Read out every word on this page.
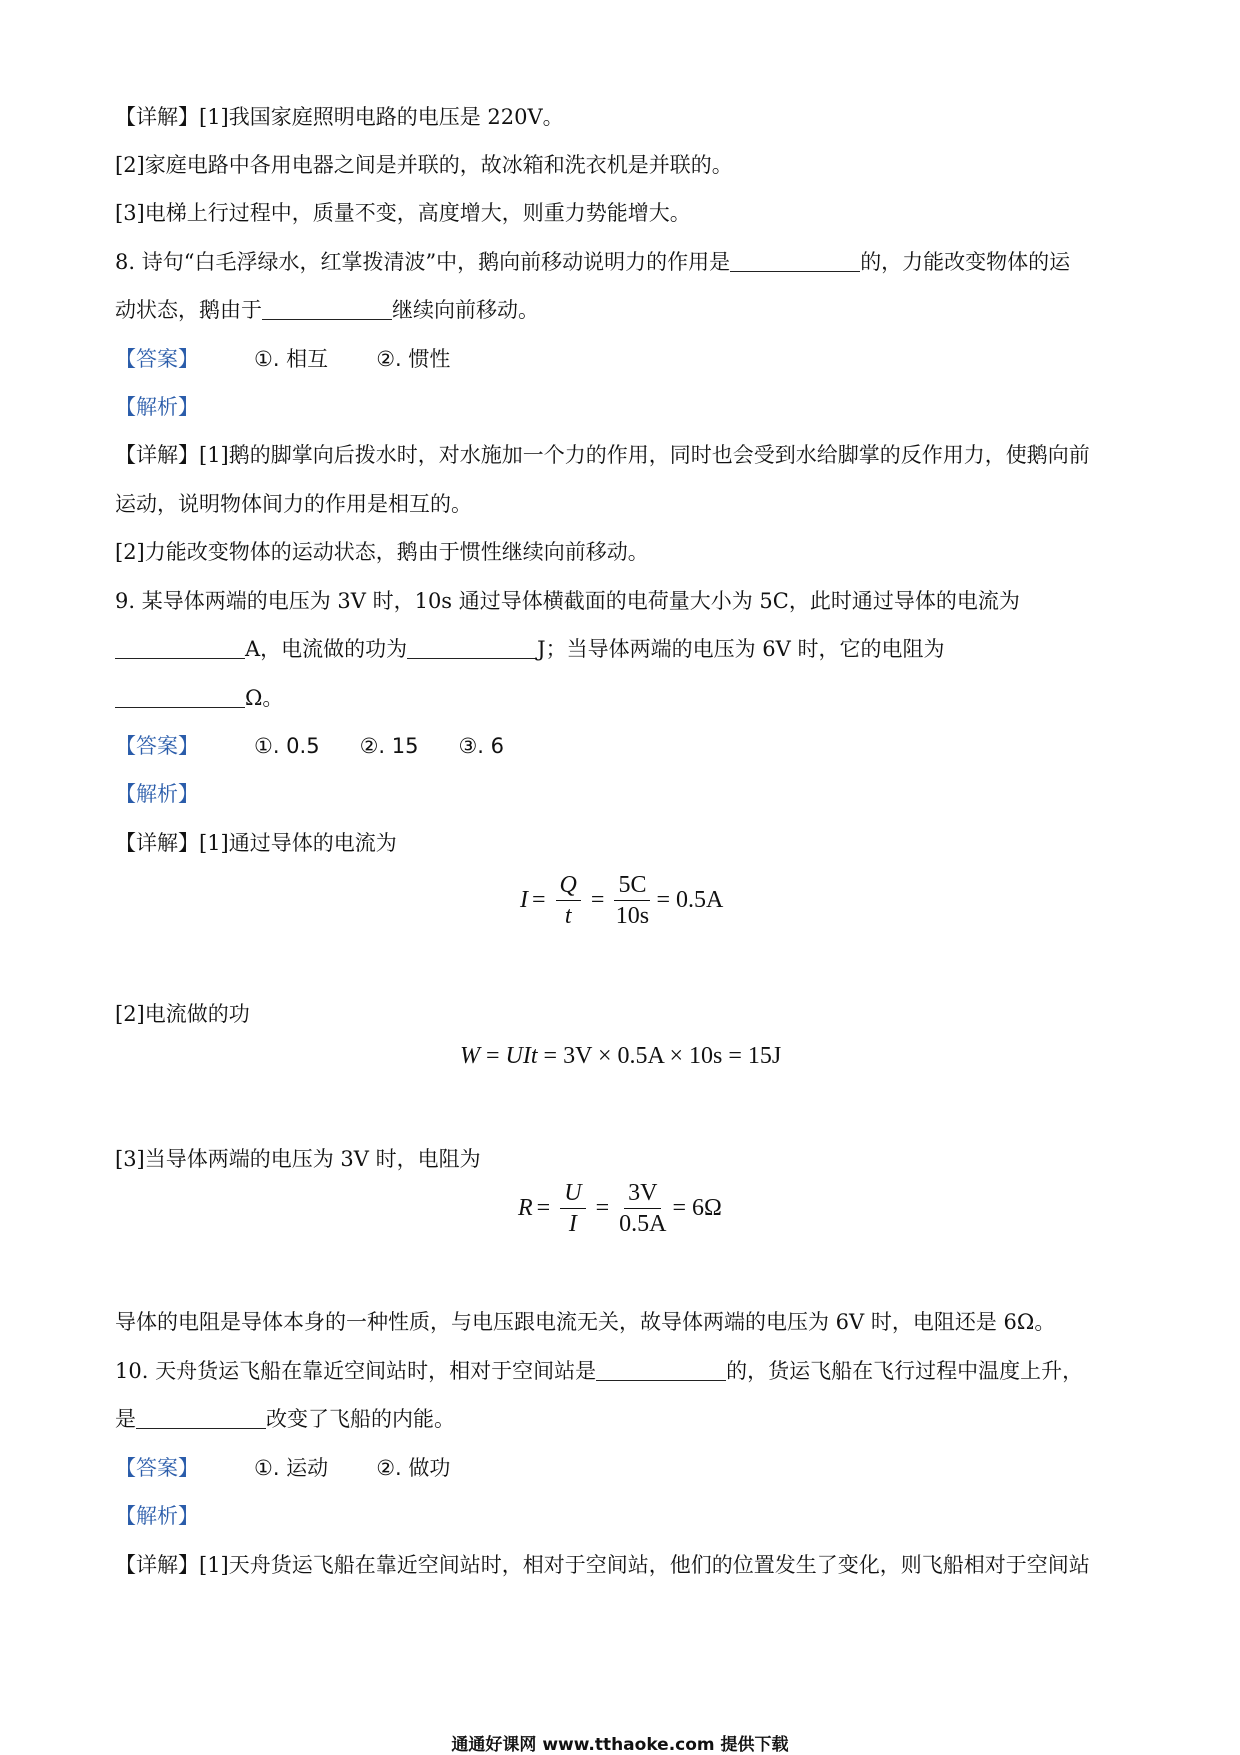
【详解】[1]我国家庭照明电路的电压是 220V。
[2]家庭电路中各用电器之间是并联的，故冰箱和洗衣机是并联的。
[3]电梯上行过程中，质量不变，高度增大，则重力势能增大。
8. 诗句“白毛浮绿水，红掌拨清波”中，鹅向前移动说明力的作用是	的，力能改变物体的运
动状态，鹅由于	继续向前移动。
【答案】	①. 相互 ②. 惯性
【解析】
【详解】[1]鹅的脚掌向后拨水时，对水施加一个力的作用，同时也会受到水给脚掌的反作用力，使鹅向前
运动，说明物体间力的作用是相互的。
[2]力能改变物体的运动状态，鹅由于惯性继续向前移动。
9. 某导体两端的电压为 3V 时，10s 通过导体横截面的电荷量大小为 5C，此时通过导体的电流为
A，电流做的功为	J；当导体两端的电压为 6V 时，它的电阻为
Ω。
【答案】	①. 0.5 ②. 15 ③. 6
【解析】
【详解】[1]通过导体的电流为
$I = \frac{Q}{t} = \frac{5C}{10s} = 0.5A$
[2]电流做的功
W = UIt = 3V × 0.5A × 10s = 15J
[3]当导体两端的电压为 3V 时，电阻为
$R = \frac{U}{I} = \frac{3V}{0.5A} = 6\Omega$
导体的电阻是导体本身的一种性质，与电压跟电流无关，故导体两端的电压为 6V 时，电阻还是 6Ω。
10. 天舟货运飞船在靠近空间站时，相对于空间站是	的，货运飞船在飞行过程中温度上升，
是	改变了飞船的内能。
【答案】	①. 运动 ②. 做功
【解析】
【详解】[1]天舟货运飞船在靠近空间站时，相对于空间站，他们的位置发生了变化，则飞船相对于空间站
通通好课网 www.tthaoke.com 提供下载
